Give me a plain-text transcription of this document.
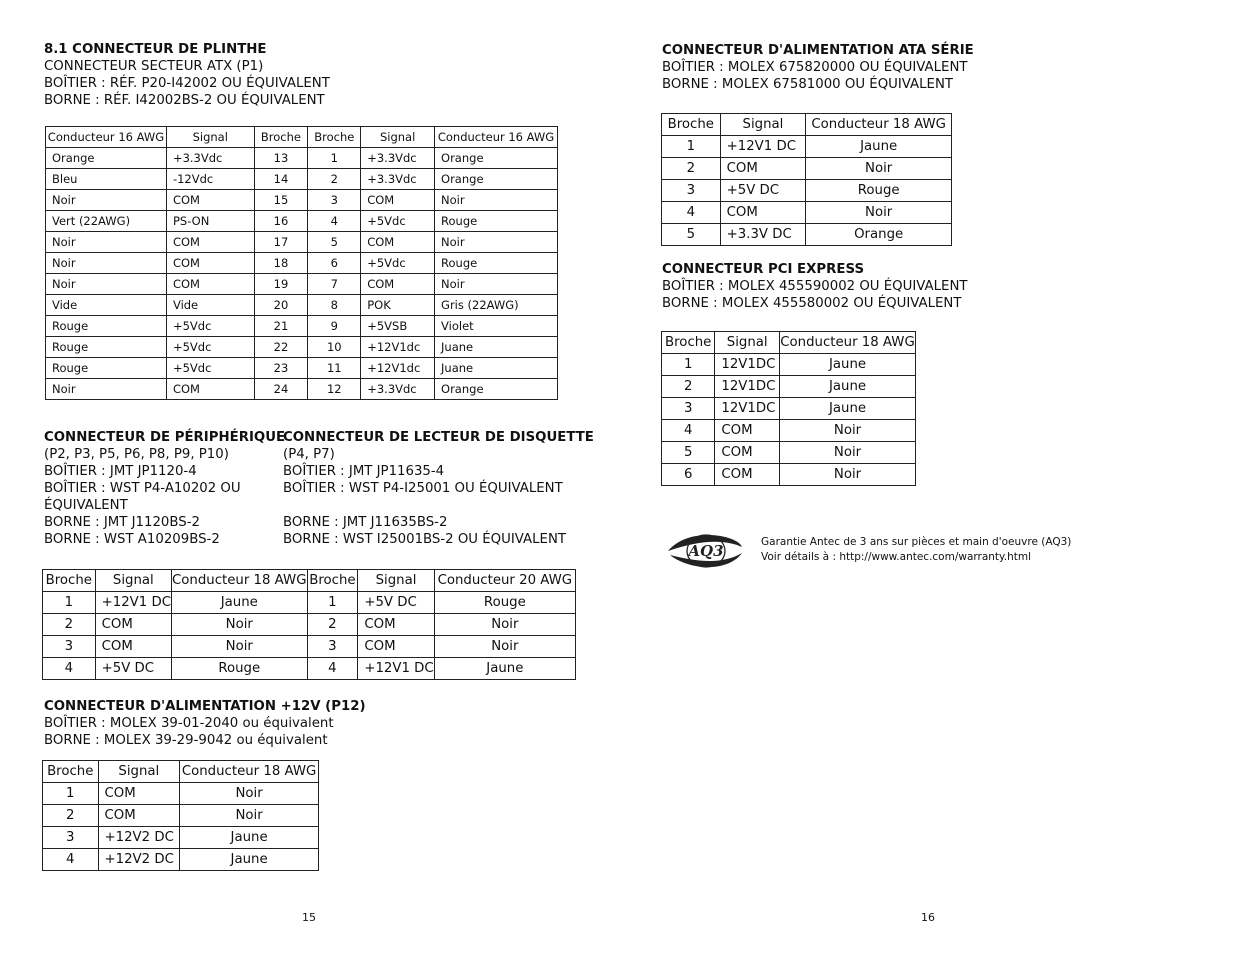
8.1 CONNECTEUR DE PLINTHE
CONNECTEUR SECTEUR ATX (P1)
BOÎTIER : RÉF. P20-I42002 OU ÉQUIVALENT
BORNE : RÉF. I42002BS-2 OU ÉQUIVALENT
Conducteur 16 AWG	Signal	Broche	Broche	Signal	Conducteur 16 AWG
Orange	+3.3Vdc	13	1	+3.3Vdc	Orange
Bleu	-12Vdc	14	2	+3.3Vdc	Orange
Noir	COM	15	3	COM	Noir
Vert (22AWG)	PS-ON	16	4	+5Vdc	Rouge
Noir	COM	17	5	COM	Noir
Noir	COM	18	6	+5Vdc	Rouge
Noir	COM	19	7	COM	Noir
Vide	Vide	20	8	POK	Gris (22AWG)
Rouge	+5Vdc	21	9	+5VSB	Violet
Rouge	+5Vdc	22	10	+12V1dc	Juane
Rouge	+5Vdc	23	11	+12V1dc	Juane
Noir	COM	24	12	+3.3Vdc	Orange
CONNECTEUR DE PÉRIPHÉRIQUE
(P2, P3, P5, P6, P8, P9, P10)
BOÎTIER : JMT JP1120-4
BOÎTIER : WST P4-A10202 OU
ÉQUIVALENT
BORNE : JMT J1120BS-2
BORNE : WST A10209BS-2
CONNECTEUR DE LECTEUR DE DISQUETTE
(P4, P7)
BOÎTIER : JMT JP11635-4
BOÎTIER : WST P4-I25001 OU ÉQUIVALENT

BORNE : JMT J11635BS-2
BORNE : WST I25001BS-2 OU ÉQUIVALENT
Broche	Signal	Conducteur 18 AWG	Broche	Signal	Conducteur 20 AWG
1	+12V1 DC	Jaune	1	+5V DC	Rouge
2	COM	Noir	2	COM	Noir
3	COM	Noir	3	COM	Noir
4	+5V DC	Rouge	4	+12V1 DC	Jaune
CONNECTEUR D'ALIMENTATION +12V (P12)
BOÎTIER : MOLEX 39-01-2040 ou équivalent
BORNE : MOLEX 39-29-9042 ou équivalent
Broche	Signal	Conducteur 18 AWG
1	COM	Noir
2	COM	Noir
3	+12V2 DC	Jaune
4	+12V2 DC	Jaune
15
CONNECTEUR D'ALIMENTATION ATA SÉRIE
BOÎTIER : MOLEX 675820000 OU ÉQUIVALENT
BORNE : MOLEX 67581000 OU ÉQUIVALENT
Broche	Signal	Conducteur 18 AWG
1	+12V1 DC	Jaune
2	COM	Noir
3	+5V DC	Rouge
4	COM	Noir
5	+3.3V DC	Orange
CONNECTEUR PCI EXPRESS
BOÎTIER : MOLEX 455590002 OU ÉQUIVALENT
BORNE : MOLEX 455580002 OU ÉQUIVALENT
Broche	Signal	Conducteur 18 AWG
1	12V1DC	Jaune
2	12V1DC	Jaune
3	12V1DC	Jaune
4	COM	Noir
5	COM	Noir
6	COM	Noir
AQ3	Garantie Antec de 3 ans sur pièces et main d'oeuvre (AQ3)
Voir détails à : http://www.antec.com/warranty.html
16
